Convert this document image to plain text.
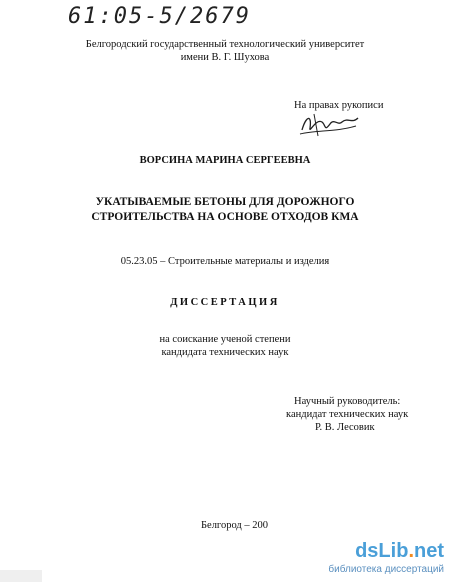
61:05-5/2679
Белгородский государственный технологический университет
имени В. Г. Шухова
На правах рукописи
ВОРСИНА МАРИНА СЕРГЕЕВНА
УКАТЫВАЕМЫЕ БЕТОНЫ ДЛЯ ДОРОЖНОГО
СТРОИТЕЛЬСТВА НА ОСНОВЕ ОТХОДОВ КМА
05.23.05 – Строительные материалы и изделия
ДИССЕРТАЦИЯ
на соискание ученой степени
кандидата технических наук
Научный руководитель:
кандидат технических наук
Р. В. Лесовик
Белгород – 200
dsLib.net
библиотека диссертаций
